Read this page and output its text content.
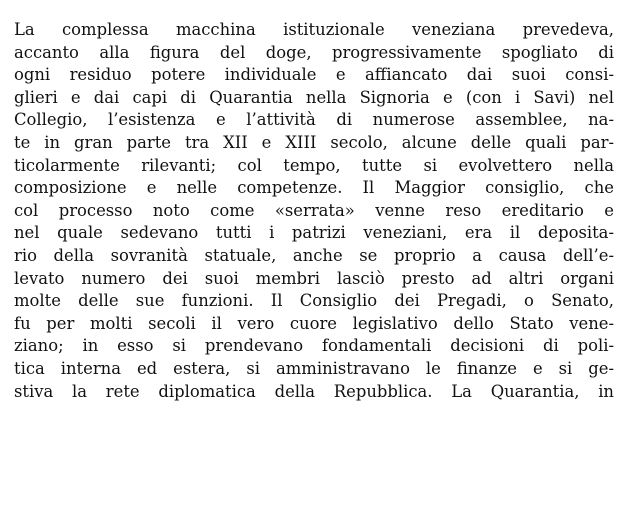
La complessa macchina istituzionale veneziana prevedeva,
accanto alla figura del doge, progressivamente spogliato di
ogni residuo potere individuale e affiancato dai suoi consi-
glieri e dai capi di Quarantia nella Signoria e (con i Savi) nel
Collegio, l’esistenza e l’attività di numerose assemblee, na-
te in gran parte tra XII e XIII secolo, alcune delle quali par-
ticolarmente rilevanti; col tempo, tutte si evolvettero nella
composizione e nelle competenze. Il Maggior consiglio, che
col processo noto come «serrata» venne reso ereditario e
nel quale sedevano tutti i patrizi veneziani, era il deposita-
rio della sovranità statuale, anche se proprio a causa dell’e-
levato numero dei suoi membri lasciò presto ad altri organi
molte delle sue funzioni. Il Consiglio dei Pregadi, o Senato,
fu per molti secoli il vero cuore legislativo dello Stato vene-
ziano; in esso si prendevano fondamentali decisioni di poli-
tica interna ed estera, si amministravano le finanze e si ge-
stiva la rete diplomatica della Repubblica. La Quarantia, in
